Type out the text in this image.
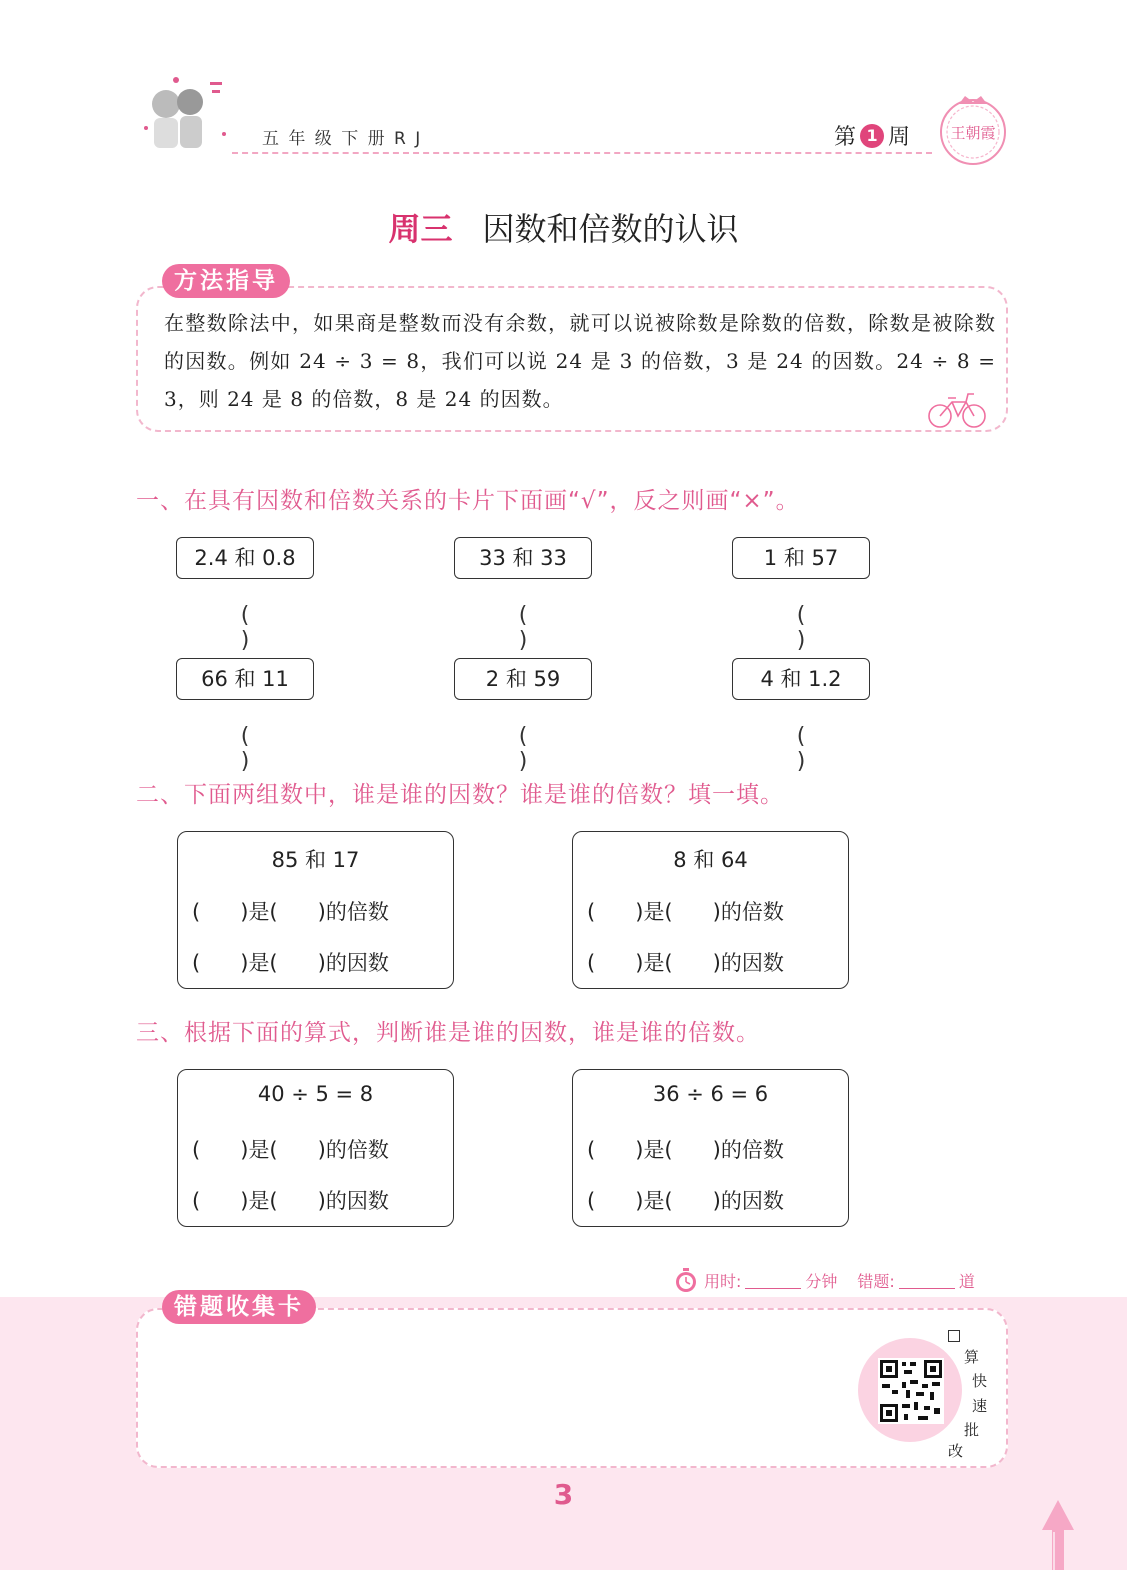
五 年 级 下 册 R J	第 1 周	王朝霞
周三 因数和倍数的认识
方法指导
在整数除法中，如果商是整数而没有余数，就可以说被除数是除数的倍数，除数是被除数的因数。例如 24 ÷ 3 = 8，我们可以说 24 是 3 的倍数，3 是 24 的因数。24 ÷ 8 = 3，则 24 是 8 的倍数，8 是 24 的因数。
一、在具有因数和倍数关系的卡片下面画“√”，反之则画“×”。
2.4 和 0.8	33 和 33	1 和 57
( )
( )
( )
66 和 11	2 和 59	4 和 1.2
( )
( )
( )
二、下面两组数中，谁是谁的因数？谁是谁的倍数？填一填。
85 和 17
(      )是(      )的倍数
(      )是(      )的因数
8 和 64
(      )是(      )的倍数
(      )是(      )的因数
三、根据下面的算式，判断谁是谁的因数，谁是谁的倍数。
40 ÷ 5 = 8
(      )是(      )的倍数
(      )是(      )的因数
36 ÷ 6 = 6
(      )是(      )的倍数
(      )是(      )的因数
用时:	分钟 错题:	道
错题收集卡
算
快
速
批
改
3
